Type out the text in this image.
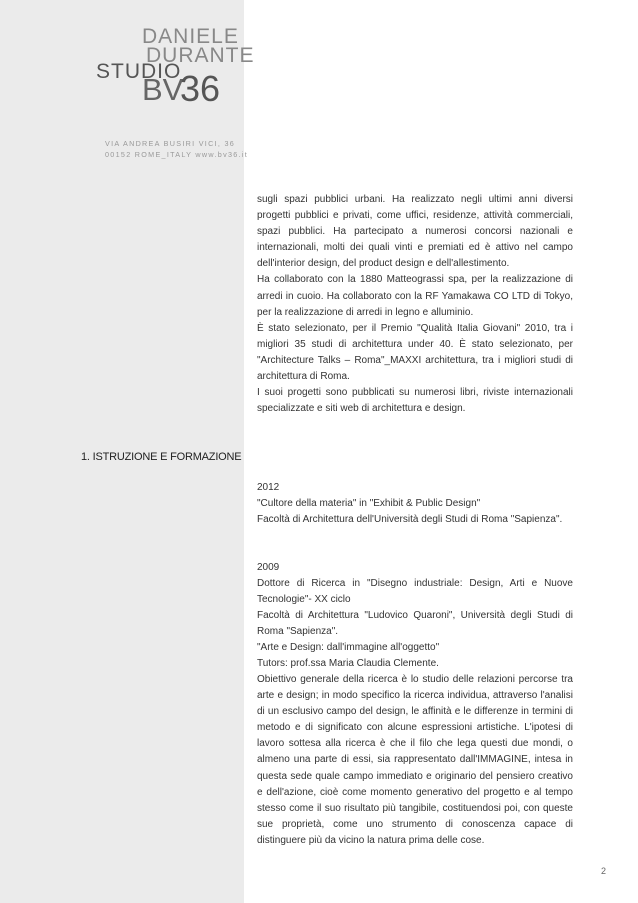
DANIELE
DURANTE
STUDIO
BV
36
VIA ANDREA BUSIRI VICI, 36
00152 ROME_ITALY www.bv36.it
1. ISTRUZIONE E FORMAZIONE

sugli spazi pubblici urbani. Ha realizzato negli ultimi anni diversi progetti pubblici e privati, come uffici, residenze, attività commerciali, spazi pubblici. Ha partecipato a numerosi concorsi nazionali e internazionali, molti dei quali vinti e premiati ed è attivo nel campo dell'interior design, del product design e dell'allestimento.

Ha collaborato con la 1880 Matteograssi spa, per la realizzazione di arredi in cuoio. Ha collaborato con la RF Yamakawa CO LTD di Tokyo, per la realizzazione di arredi in legno e alluminio.

È stato selezionato, per il Premio "Qualità Italia Giovani" 2010, tra i migliori 35 studi di architettura under 40. È stato selezionato, per "Architecture Talks – Roma"_MAXXI architettura, tra i migliori studi di architettura di Roma.

I suoi progetti sono pubblicati su numerosi libri, riviste internazionali specializzate e siti web di architettura e design.

2012
"Cultore della materia" in "Exhibit & Public Design"
Facoltà di Architettura dell'Università degli Studi di Roma "Sapienza".
2009
Dottore di Ricerca in "Disegno industriale: Design, Arti e Nuove Tecnologie"- XX ciclo
Facoltà di Architettura "Ludovico Quaroni", Università degli Studi di Roma "Sapienza".
"Arte e Design: dall'immagine all'oggetto"
Tutors: prof.ssa Maria Claudia Clemente.
Obiettivo generale della ricerca è lo studio delle relazioni percorse tra arte e design; in modo specifico la ricerca individua, attraverso l'analisi di un esclusivo campo del design, le affinità e le differenze in termini di metodo e di significato con alcune espressioni artistiche. L'ipotesi di lavoro sottesa alla ricerca è che il filo che lega questi due mondi, o almeno una parte di essi, sia rappresentato dall'IMMAGINE, intesa in questa sede quale campo immediato e originario del pensiero creativo e dell'azione, cioè come momento generativo del progetto e al tempo stesso come il suo risultato più tangibile, costituendosi poi, con queste sue proprietà, come uno strumento di conoscenza capace di distinguere più da vicino la natura prima delle cose.
2
